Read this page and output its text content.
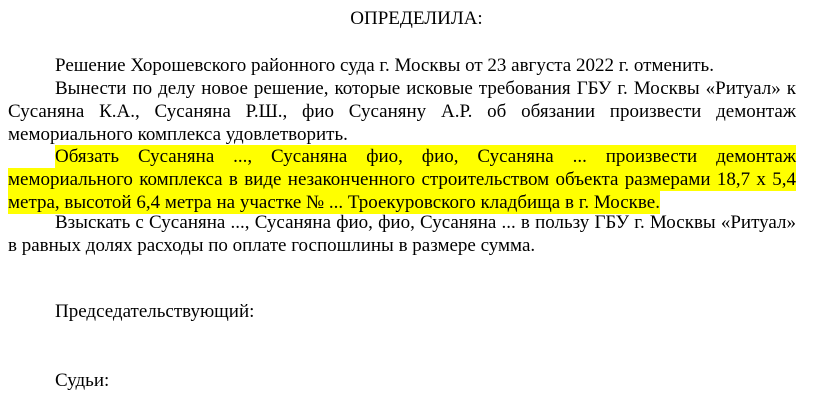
ОПРЕДЕЛИЛА:
Решение Хорошевского районного суда г. Москвы от 23 августа 2022 г. отменить.
Вынести по делу новое решение, которые исковые требования ГБУ г. Москвы «Ритуал» к Сусаняна К.А., Сусаняна Р.Ш., фио Сусаняну А.Р. об обязании произвести демонтаж мемориального комплекса удовлетворить.
Обязать Сусаняна ..., Сусаняна фио, фио, Сусаняна ... произвести демонтаж мемориального комплекса в виде незаконченного строительством объекта размерами 18,7 х 5,4 метра, высотой 6,4 метра на участке № ... Троекуровского кладбища в г. Москве.
Взыскать с Сусаняна ..., Сусаняна фио, фио, Сусаняна ... в пользу ГБУ г. Москвы «Ритуал» в равных долях расходы по оплате госпошлины в размере сумма.
Председательствующий:
Судьи:
